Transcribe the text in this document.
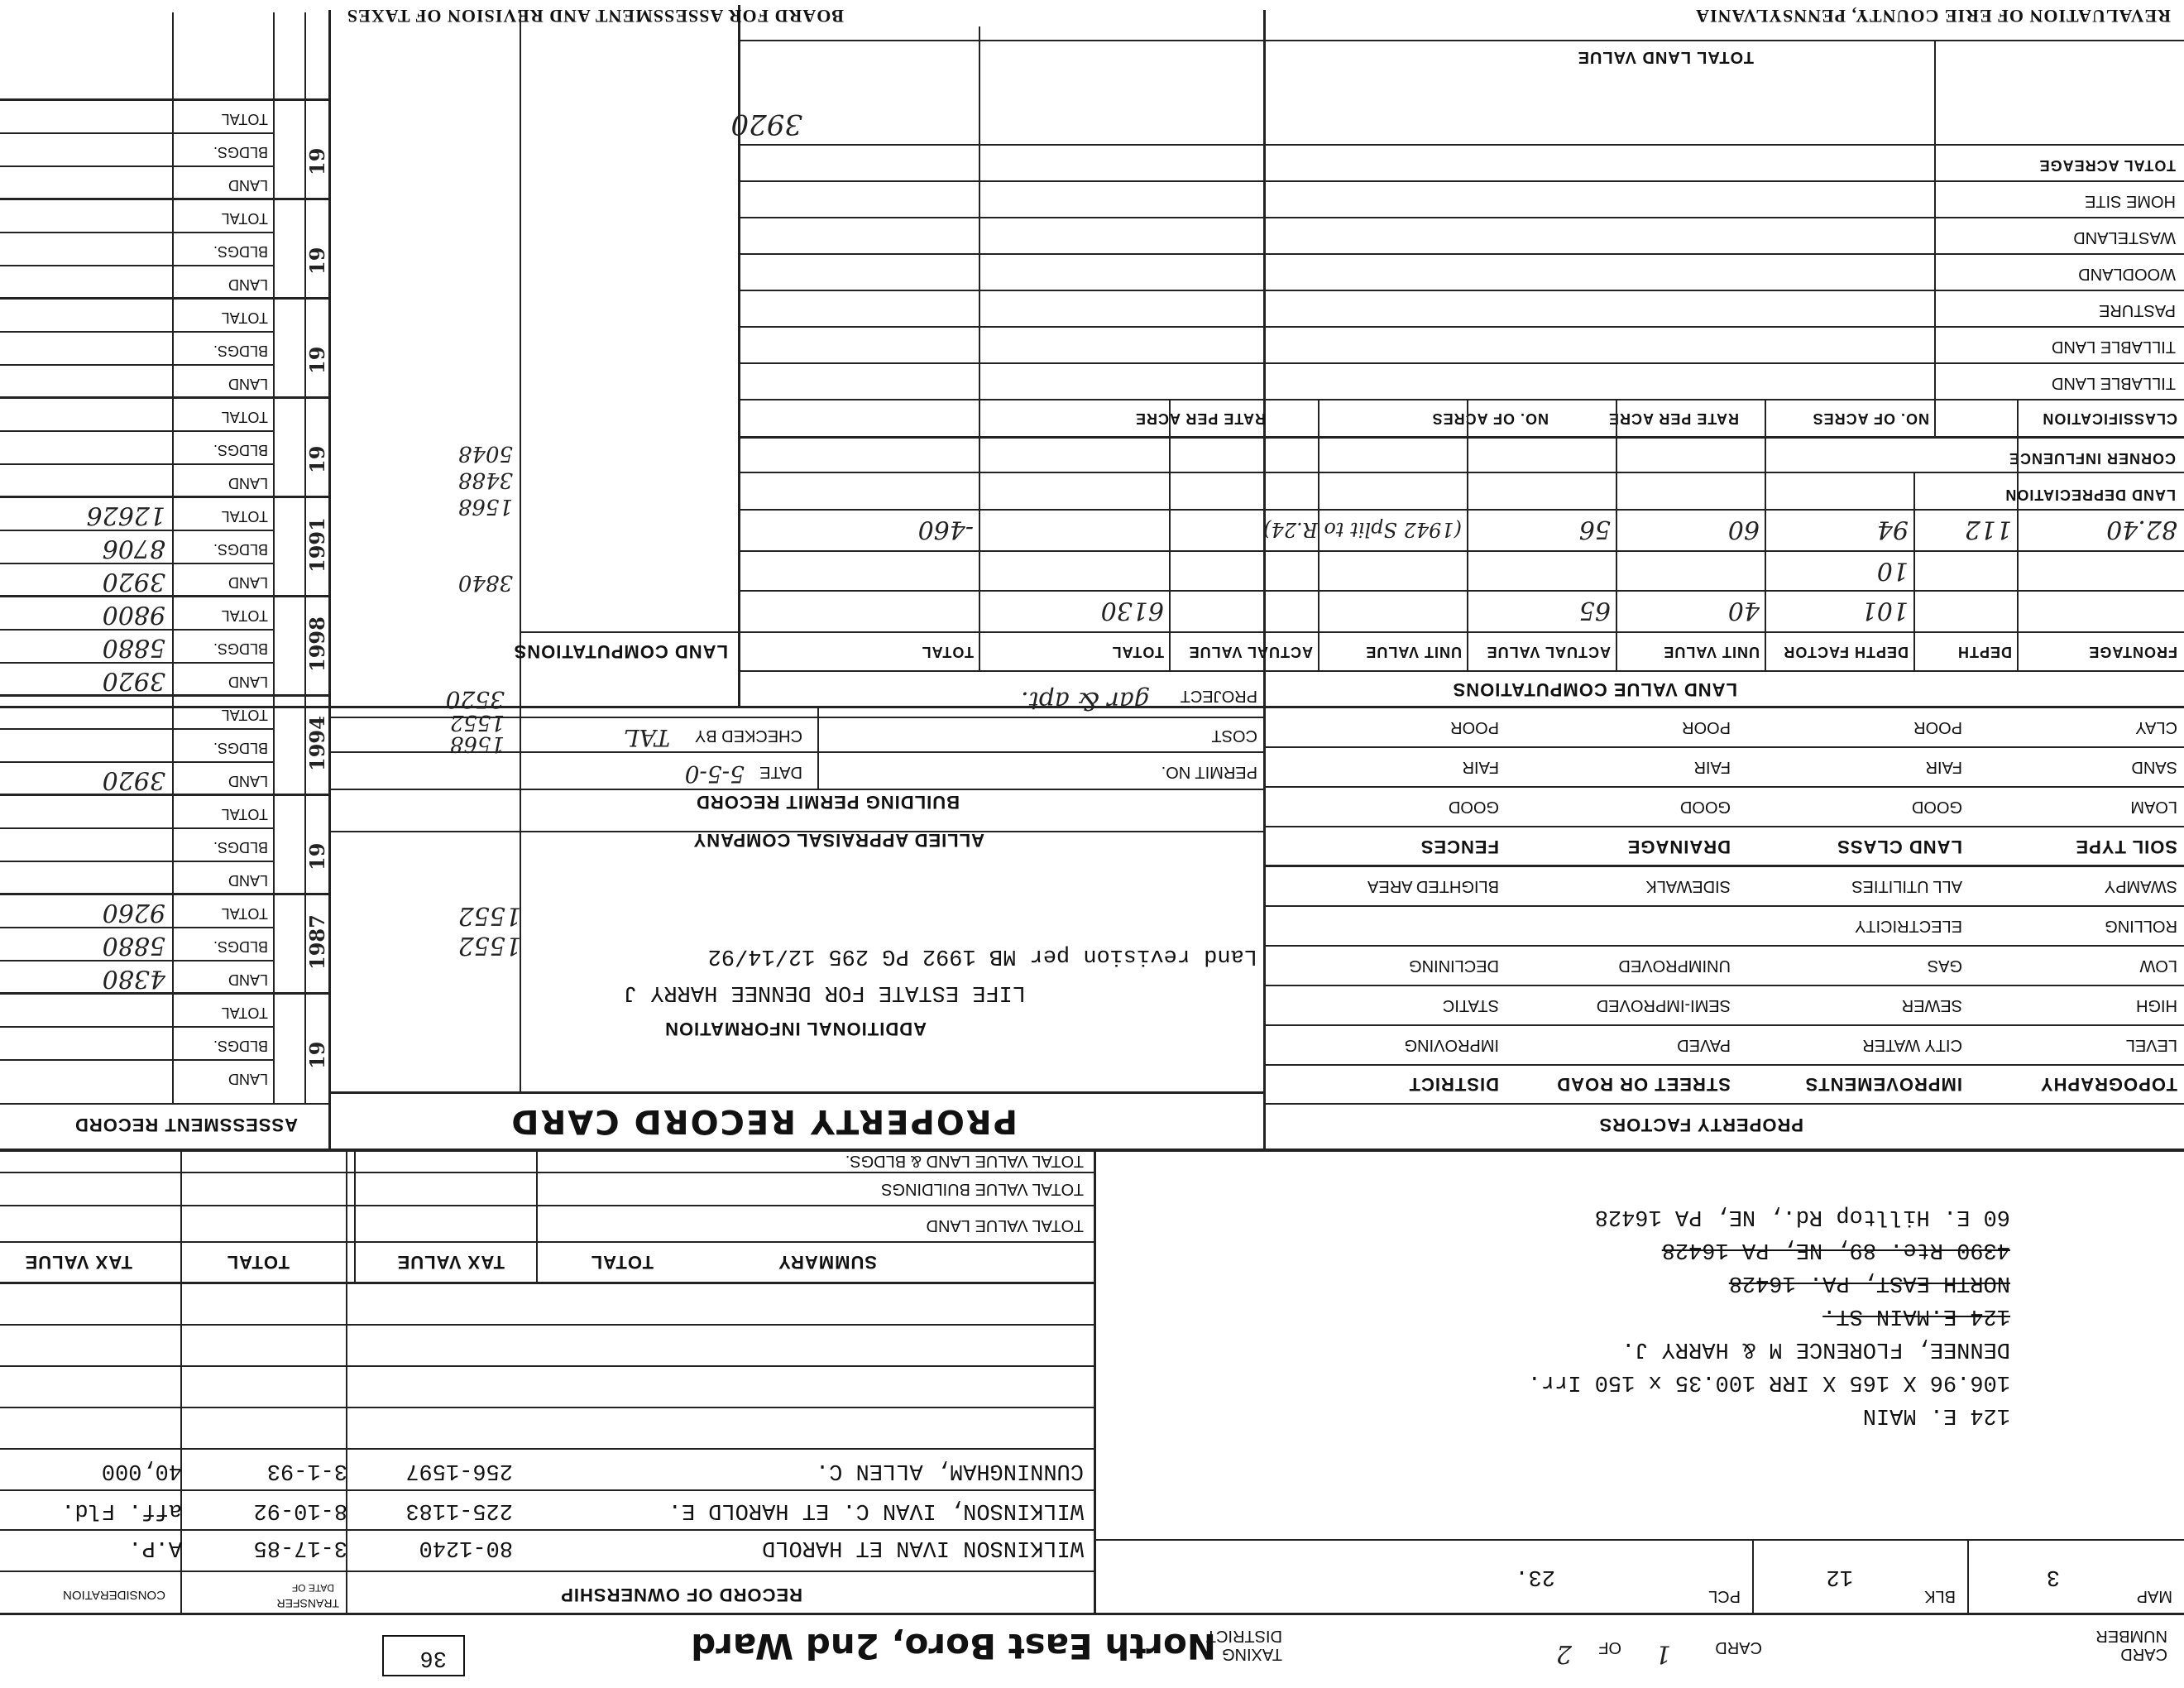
CARD NUMBER
TAXING DISTRICT
North East Boro, 2nd Ward	CARD
1
OF
2
36
MAP
3
BLK
12
PCL
23.
124 E. MAIN
106.96 X 165 X IRR 100.35 x 150 Irr.
DENNEE, FLORENCE M & HARRY J.
124 E.MAIN ST.
NORTH EAST, PA. 16428
4390 Rte. 89, NE, PA 16428
60 E. Hilltop Rd., NE, PA 16428
RECORD OF OWNERSHIP
TRANSFER
DATE OF
CONSIDERATION
WILKINSON IVAN ET HAROLD
80-1240
3-17-85
A.P.
WILKINSON, IVAN C. ET HAROLD E.
225-1183
8-10-92
aff. Fld.
CUNNINGHAM, ALLEN C.
256-1597
3-1-93
40,000
SUMMARY
TOTAL
TAX VALUE
TOTAL
TAX VALUE
TOTAL VALUE LAND
TOTAL VALUE BUILDINGS
TOTAL VALUE LAND & BLDGS.
PROPERTY FACTORS
TOPOGRAPHY
IMPROVEMENTS
STREET OR ROAD
DISTRICT
LEVEL
CITY WATER
PAVED
IMPROVING
HIGH
SEWER
SEMI-IMPROVED
STATIC
LOW
GAS
UNIMPROVED
DECLINING
ROLLING
ELECTRICITY
SWAMPY
ALL UTILITIES
SIDEWALK
BLIGHTED AREA
SOIL TYPE
LAND CLASS
DRAINAGE
FENCES
LOAM
GOOD
GOOD
GOOD
SAND
FAIR
FAIR
FAIR
CLAY
POOR
POOR
POOR
LAND VALUE COMPUTATIONS
FRONTAGE
DEPTH
DEPTH FACTOR
UNIT VALUE
ACTUAL VALUE
UNIT VALUE
ACTUAL VALUE
TOTAL
TOTAL
101
40
65
6130
10
82.40
112
94
60
56
(1942 Split to R.24)
-460
LAND DEPRECIATION
CORNER INFLUENCE
CLASSIFICATION
NO. OF ACRES
RATE PER ACRE
NO. OF ACRES
RATE PER ACRE
TILLABLE LAND
TILLABLE LAND
PASTURE
WOODLAND
WASTELAND
HOME SITE
TOTAL ACREAGE
3920
TOTAL LAND VALUE
REVALUATION OF ERIE COUNTY, PENNSYLVANIA
PROPERTY RECORD CARD
ADDITIONAL INFORMATION
LIFE ESTATE FOR DENNEE HARRY J
Land revision per MB 1992 PG 295 12/14/92
1552
1552
ALLIED APPRAISAL COMPANY
BUILDING PERMIT RECORD
PERMIT NO.
DATE
5-5-0
COST
CHECKED BY
TAL
1568
1552
PROJECT
gar & apt.
3520
LAND COMPUTATIONS
3840
1568
3488
5048
ASSESSMENT RECORD
19
LAND
BLDGS.
TOTAL
1987
LAND
4380
BLDGS.
5880
TOTAL
9260
19
LAND
BLDGS.
TOTAL
1994
LAND
3920
BLDGS.
TOTAL
1998
LAND
3920
BLDGS.
5880
TOTAL
9800
1991
LAND
3920
BLDGS.
8706
TOTAL
12626
19
LAND
BLDGS.
TOTAL
19
LAND
BLDGS.
TOTAL
19
LAND
BLDGS.
TOTAL
19
LAND
BLDGS.
TOTAL
BOARD FOR ASSESSMENT AND REVISION OF TAXES
